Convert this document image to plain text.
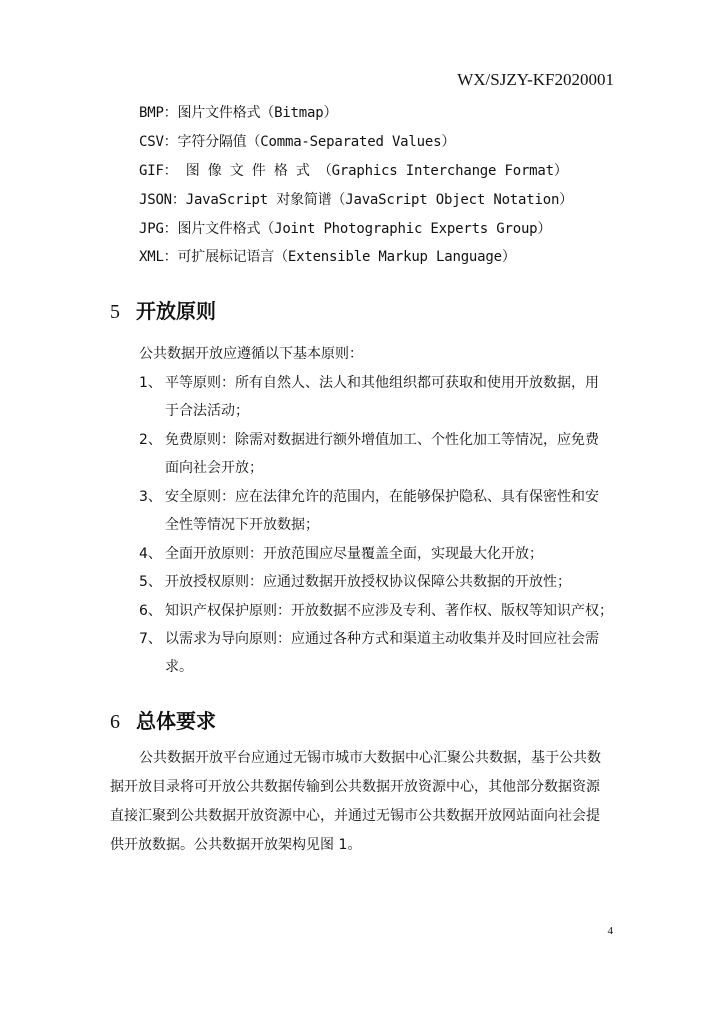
WX/SJZY-KF2020001
BMP：图片文件格式（Bitmap）
CSV：字符分隔值（Comma-Separated Values）
GIF： 图 像 文 件 格 式 （Graphics Interchange Format）
JSON：JavaScript 对象简谱（JavaScript Object Notation）
JPG：图片文件格式（Joint Photographic Experts Group）
XML：可扩展标记语言（Extensible Markup Language）
5 开放原则
公共数据开放应遵循以下基本原则：
1、 平等原则：所有自然人、法人和其他组织都可获取和使用开放数据，用
于合法活动；
2、 免费原则：除需对数据进行额外增值加工、个性化加工等情况，应免费
面向社会开放；
3、 安全原则：应在法律允许的范围内，在能够保护隐私、具有保密性和安
全性等情况下开放数据；
4、 全面开放原则：开放范围应尽量覆盖全面，实现最大化开放；
5、 开放授权原则：应通过数据开放授权协议保障公共数据的开放性；
6、 知识产权保护原则：开放数据不应涉及专利、著作权、版权等知识产权；
7、 以需求为导向原则：应通过各种方式和渠道主动收集并及时回应社会需
求。
6 总体要求
公共数据开放平台应通过无锡市城市大数据中心汇聚公共数据，基于公共数
据开放目录将可开放公共数据传输到公共数据开放资源中心，其他部分数据资源
直接汇聚到公共数据开放资源中心，并通过无锡市公共数据开放网站面向社会提
供开放数据。公共数据开放架构见图 1。
4
